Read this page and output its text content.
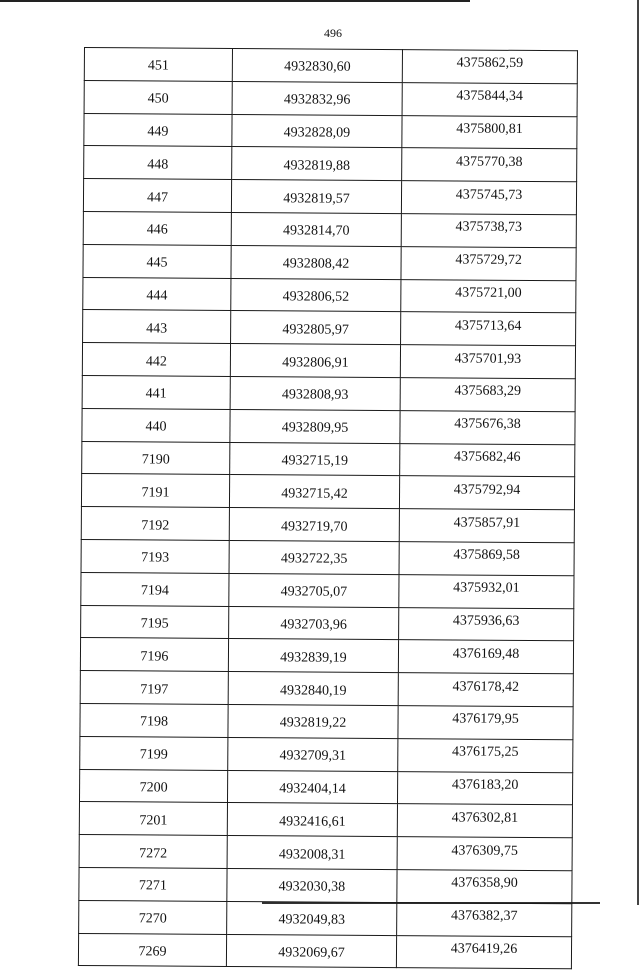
496
451	4932830,60	4375862,59
450	4932832,96	4375844,34
449	4932828,09	4375800,81
448	4932819,88	4375770,38
447	4932819,57	4375745,73
446	4932814,70	4375738,73
445	4932808,42	4375729,72
444	4932806,52	4375721,00
443	4932805,97	4375713,64
442	4932806,91	4375701,93
441	4932808,93	4375683,29
440	4932809,95	4375676,38
7190	4932715,19	4375682,46
7191	4932715,42	4375792,94
7192	4932719,70	4375857,91
7193	4932722,35	4375869,58
7194	4932705,07	4375932,01
7195	4932703,96	4375936,63
7196	4932839,19	4376169,48
7197	4932840,19	4376178,42
7198	4932819,22	4376179,95
7199	4932709,31	4376175,25
7200	4932404,14	4376183,20
7201	4932416,61	4376302,81
7272	4932008,31	4376309,75
7271	4932030,38	4376358,90
7270	4932049,83	4376382,37
7269	4932069,67	4376419,26
